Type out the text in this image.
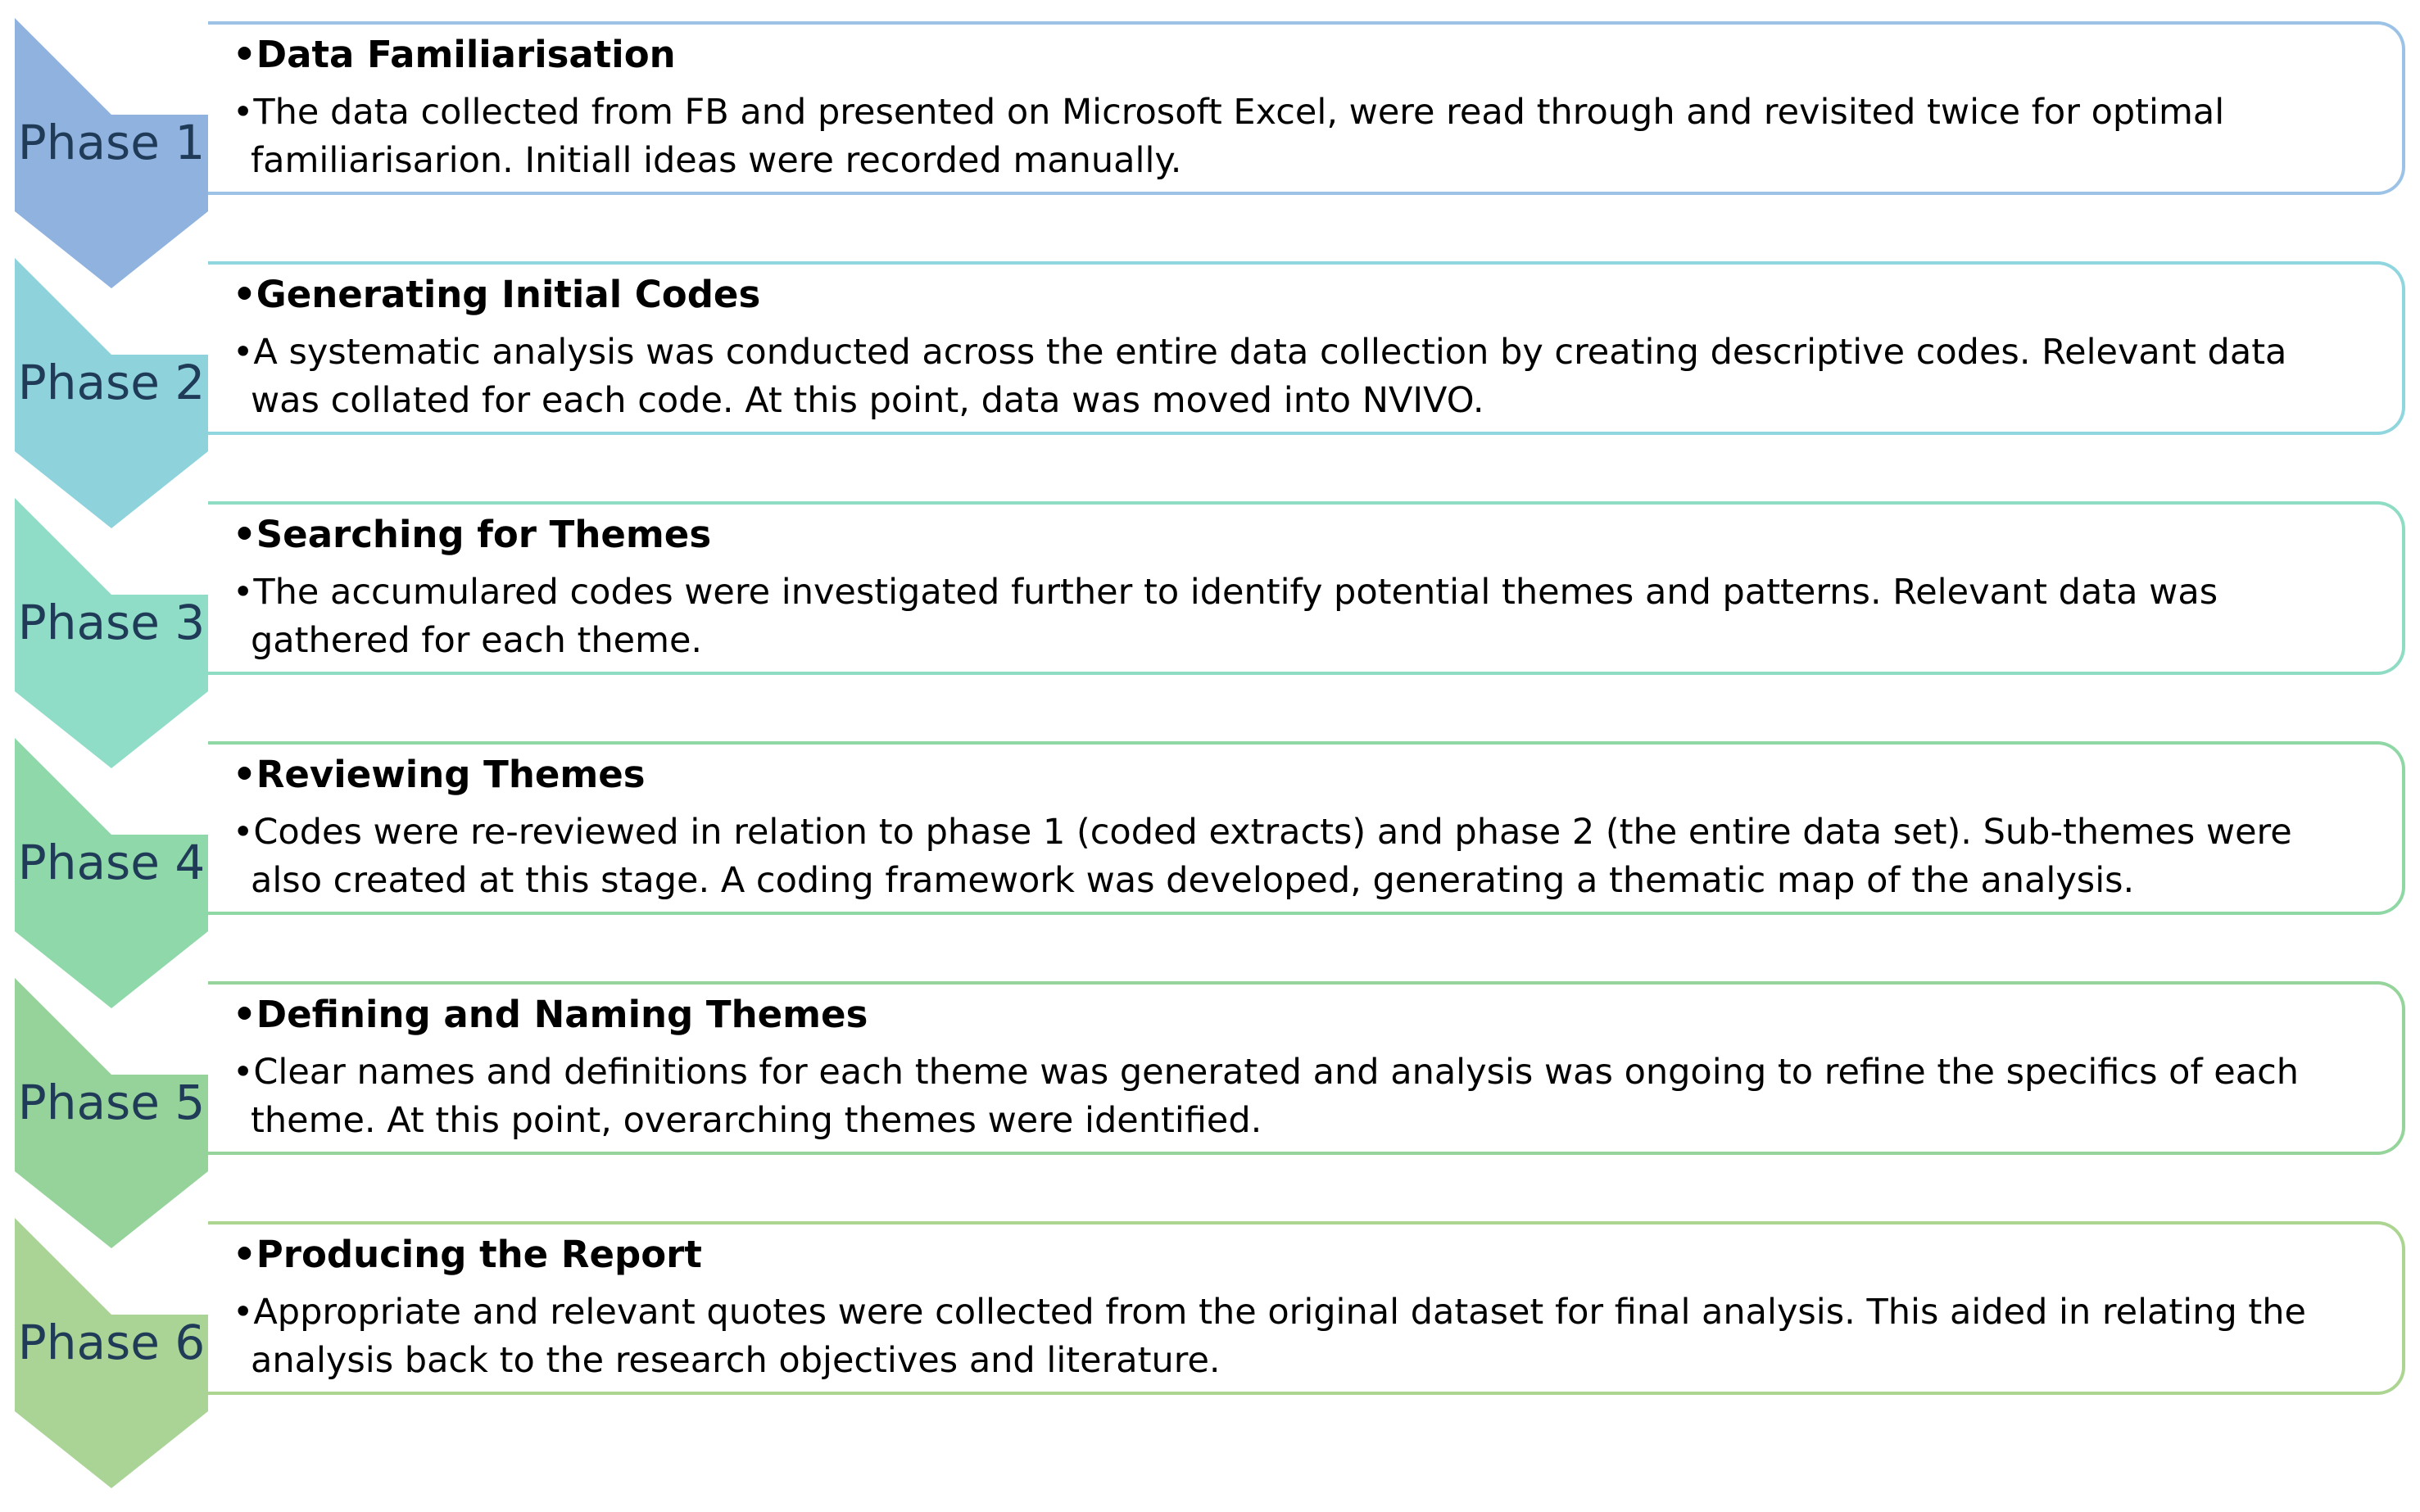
Phase 1
•Data Familiarisation
•The data collected from FB and presented on Microsoft Excel, were read through and revisited twice for optimal
familiarisarion. Initiall ideas were recorded manually.
Phase 2
•Generating Initial Codes
•A systematic analysis was conducted across the entire data collection by creating descriptive codes. Relevant data
was collated for each code. At this point, data was moved into NVIVO.
Phase 3
•Searching for Themes
•The accumulared codes were investigated further to identify potential themes and patterns. Relevant data was
gathered for each theme.
Phase 4
•Reviewing Themes
•Codes were re-reviewed in relation to phase 1 (coded extracts) and phase 2 (the entire data set). Sub-themes were
also created at this stage. A coding framework was developed, generating a thematic map of the analysis.
Phase 5
•Defining and Naming Themes
•Clear names and definitions for each theme was generated and analysis was ongoing to refine the specifics of each
theme. At this point, overarching themes were identified.
Phase 6
•Producing the Report
•Appropriate and relevant quotes were collected from the original dataset for final analysis. This aided in relating the
analysis back to the research objectives and literature.
